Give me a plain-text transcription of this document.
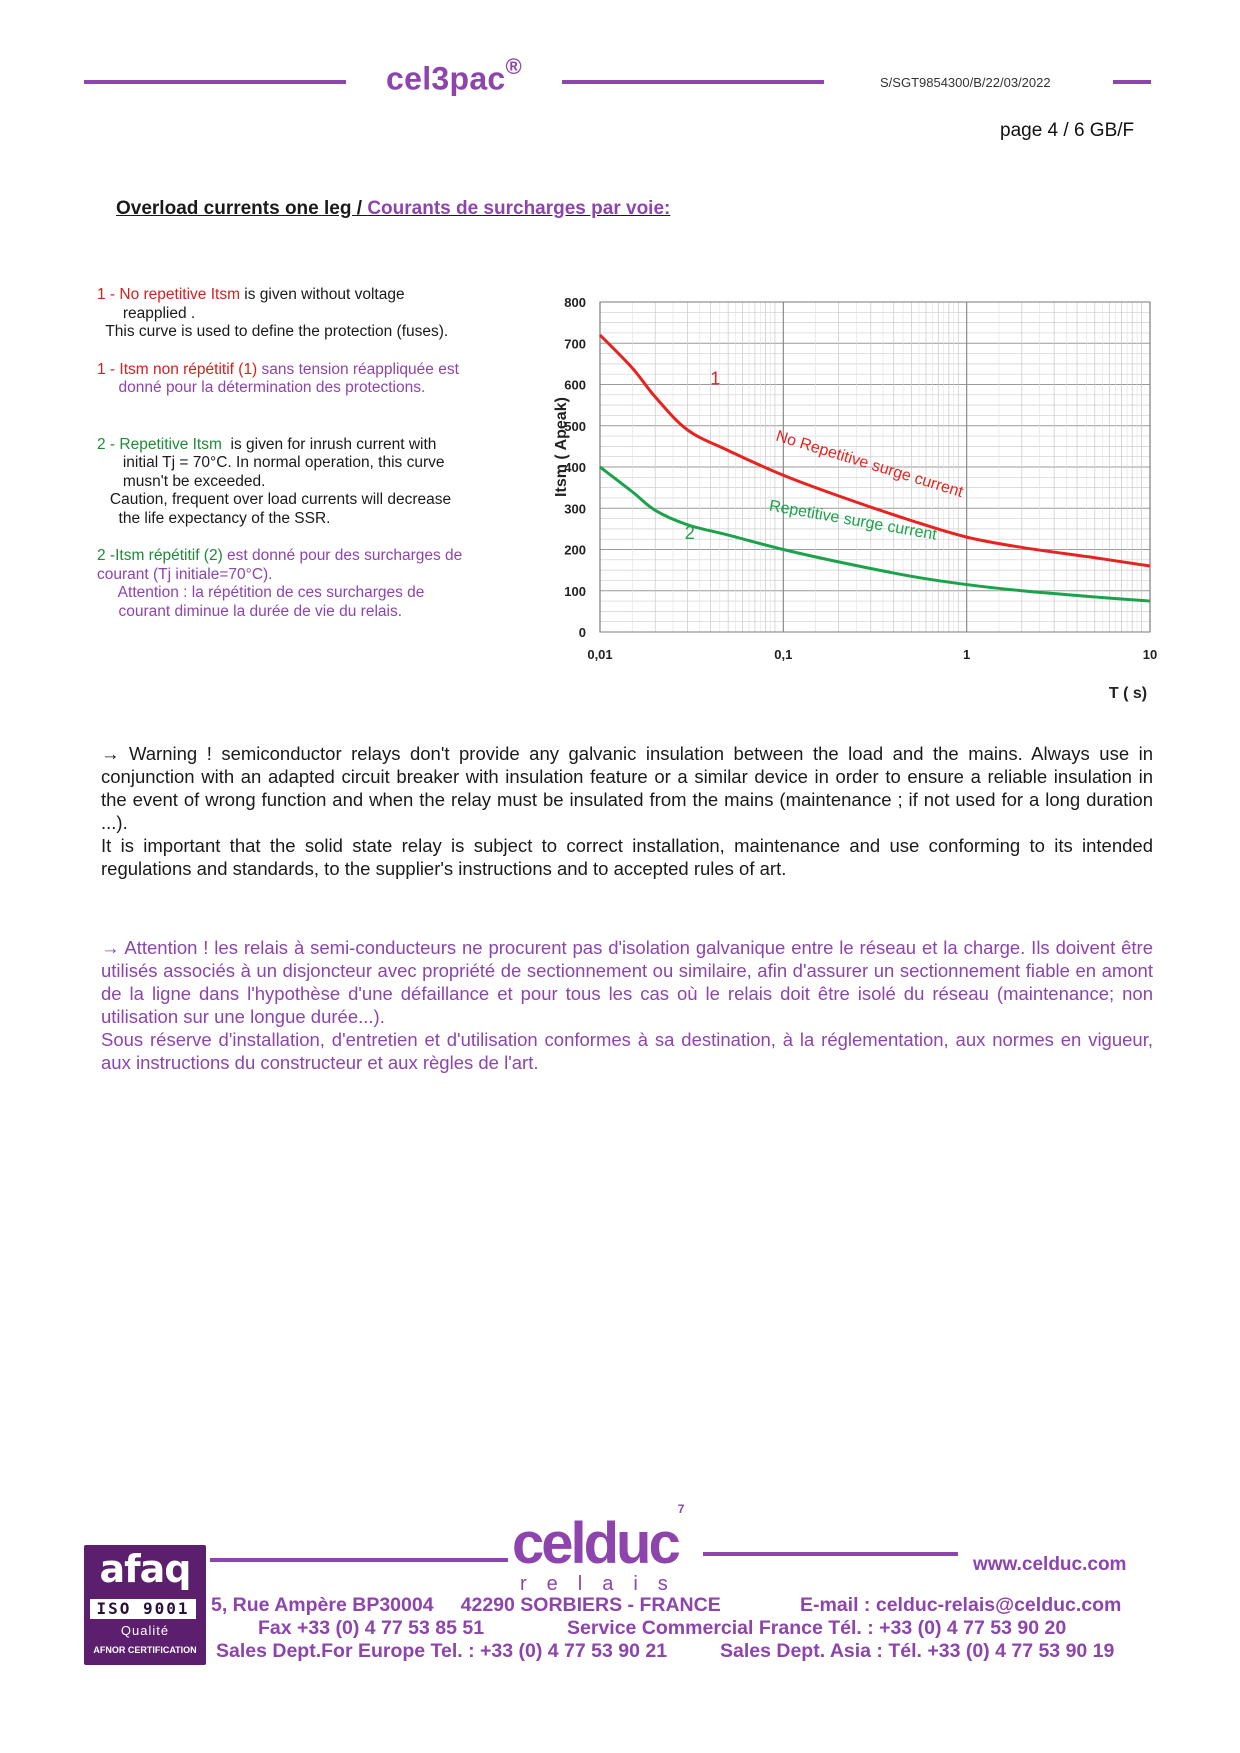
cel3pac®
S/SGT9854300/B/22/03/2022
page 4 / 6 GB/F
Overload currents one leg / Courants de surcharges par voie:
1 - No repetitive Itsm is given without voltage
reapplied .
This curve is used to define the protection (fuses).
1 - Itsm non répétitif (1) sans tension réappliquée est
donné pour la détermination des protections.
2 - Repetitive Itsm  is given for inrush current with
initial Tj = 70°C. In normal operation, this curve
musn't be exceeded.
Caution, frequent over load currents will decrease
the life expectancy of the SSR.
2 -Itsm répétitif (2) est donné pour des surcharges de
courant (Tj initiale=70°C).
Attention : la répétition de ces surcharges de
courant diminue la durée de vie du relais.
0
100
200
300
400
500
600
700
800
0,01	0,1	1	10
Itsm ( Apeak)
T ( s)
1
2
No Repetitive surge current
Repetitive surge current

→ Warning ! semiconductor relays don't provide any galvanic insulation between the load and the mains. Always use in conjunction with an adapted circuit breaker with insulation feature or a similar device in order to ensure a reliable insulation in the event of wrong function and when the relay must be insulated from the mains (maintenance ; if not used for a long duration ...).

It is important that the solid state relay is subject to correct installation, maintenance and use conforming to its intended regulations and standards, to the supplier's instructions and to accepted rules of art.

→ Attention ! les relais à semi-conducteurs ne procurent pas d'isolation galvanique entre le réseau et la charge. Ils doivent être utilisés associés à un disjoncteur avec propriété de sectionnement ou similaire, afin d'assurer un sectionnement fiable en amont de la ligne dans l'hypothèse d'une défaillance et pour tous les cas où le relais doit être isolé du réseau (maintenance; non utilisation sur une longue durée...).

Sous réserve d'installation, d'entretien et d'utilisation conformes à sa destination, à la réglementation, aux normes en vigueur, aux instructions du constructeur et aux règles de l'art.

afaq
ISO 9001
Qualité
AFNOR CERTIFICATION
celduc$^7$
relais
www.celduc.com
5, Rue Ampère BP30004     42290 SORBIERS - FRANCE	E-mail : celduc-relais@celduc.com
Fax +33 (0) 4 77 53 85 51	Service Commercial France Tél. : +33 (0) 4 77 53 90 20
Sales Dept.For Europe Tel. : +33 (0) 4 77 53 90 21	Sales Dept. Asia : Tél. +33 (0) 4 77 53 90 19
